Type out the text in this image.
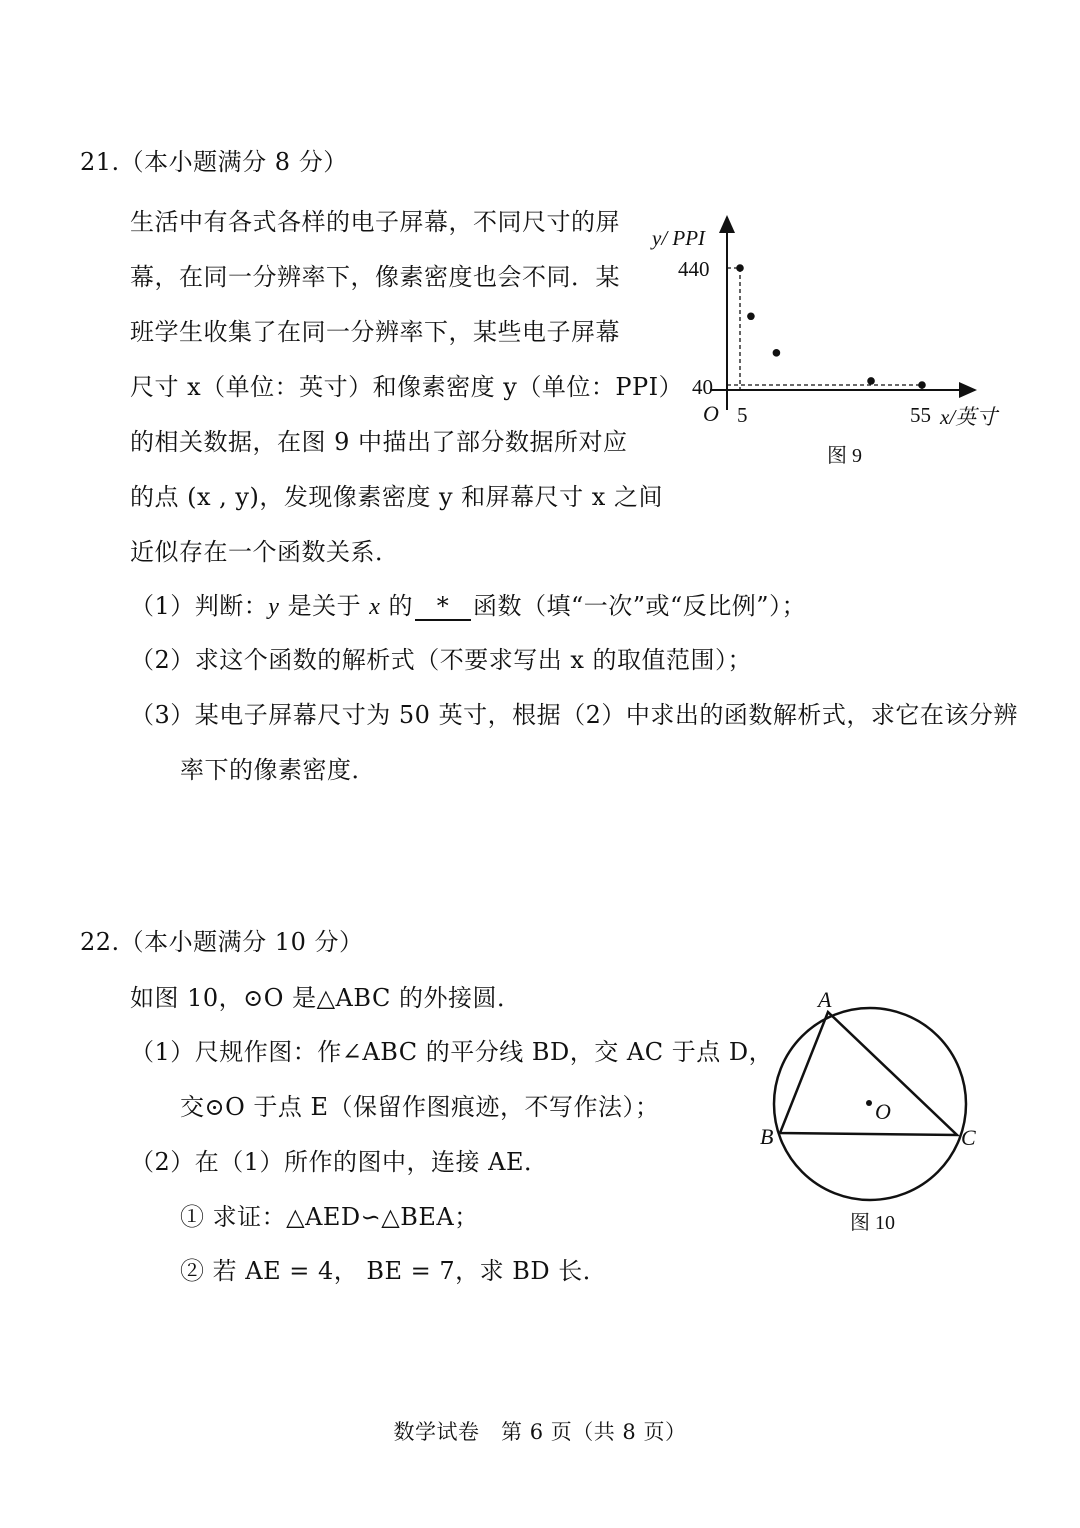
21.（本小题满分 8 分）
生活中有各式各样的电子屏幕，不同尺寸的屏
幕，在同一分辨率下，像素密度也会不同．某
班学生收集了在同一分辨率下，某些电子屏幕
尺寸 x（单位：英寸）和像素密度 y（单位：PPI）
的相关数据，在图 9 中描出了部分数据所对应
的点 (x , y)，发现像素密度 y 和屏幕尺寸 x 之间
近似存在一个函数关系．
（1）判断：y 是关于 x 的 * 函数（填“一次”或“反比例”）；
（2）求这个函数的解析式（不要求写出 x 的取值范围）；
（3）某电子屏幕尺寸为 50 英寸，根据（2）中求出的函数解析式，求它在该分辨
率下的像素密度．
y/ PPI
O	x/英寸
图 9
5	55
440
40
22.（本小题满分 10 分）
如图 10，⊙O 是△ABC 的外接圆．
（1）尺规作图：作∠ABC 的平分线 BD，交 AC 于点 D，
交⊙O 于点 E（保留作图痕迹，不写作法）；
（2）在（1）所作的图中，连接 AE．
① 求证：△AED∽△BEA；
② 若 AE = 4， BE = 7，求 BD 长．
A
B	C
O
图 10
数学试卷　第 6 页（共 8 页）
